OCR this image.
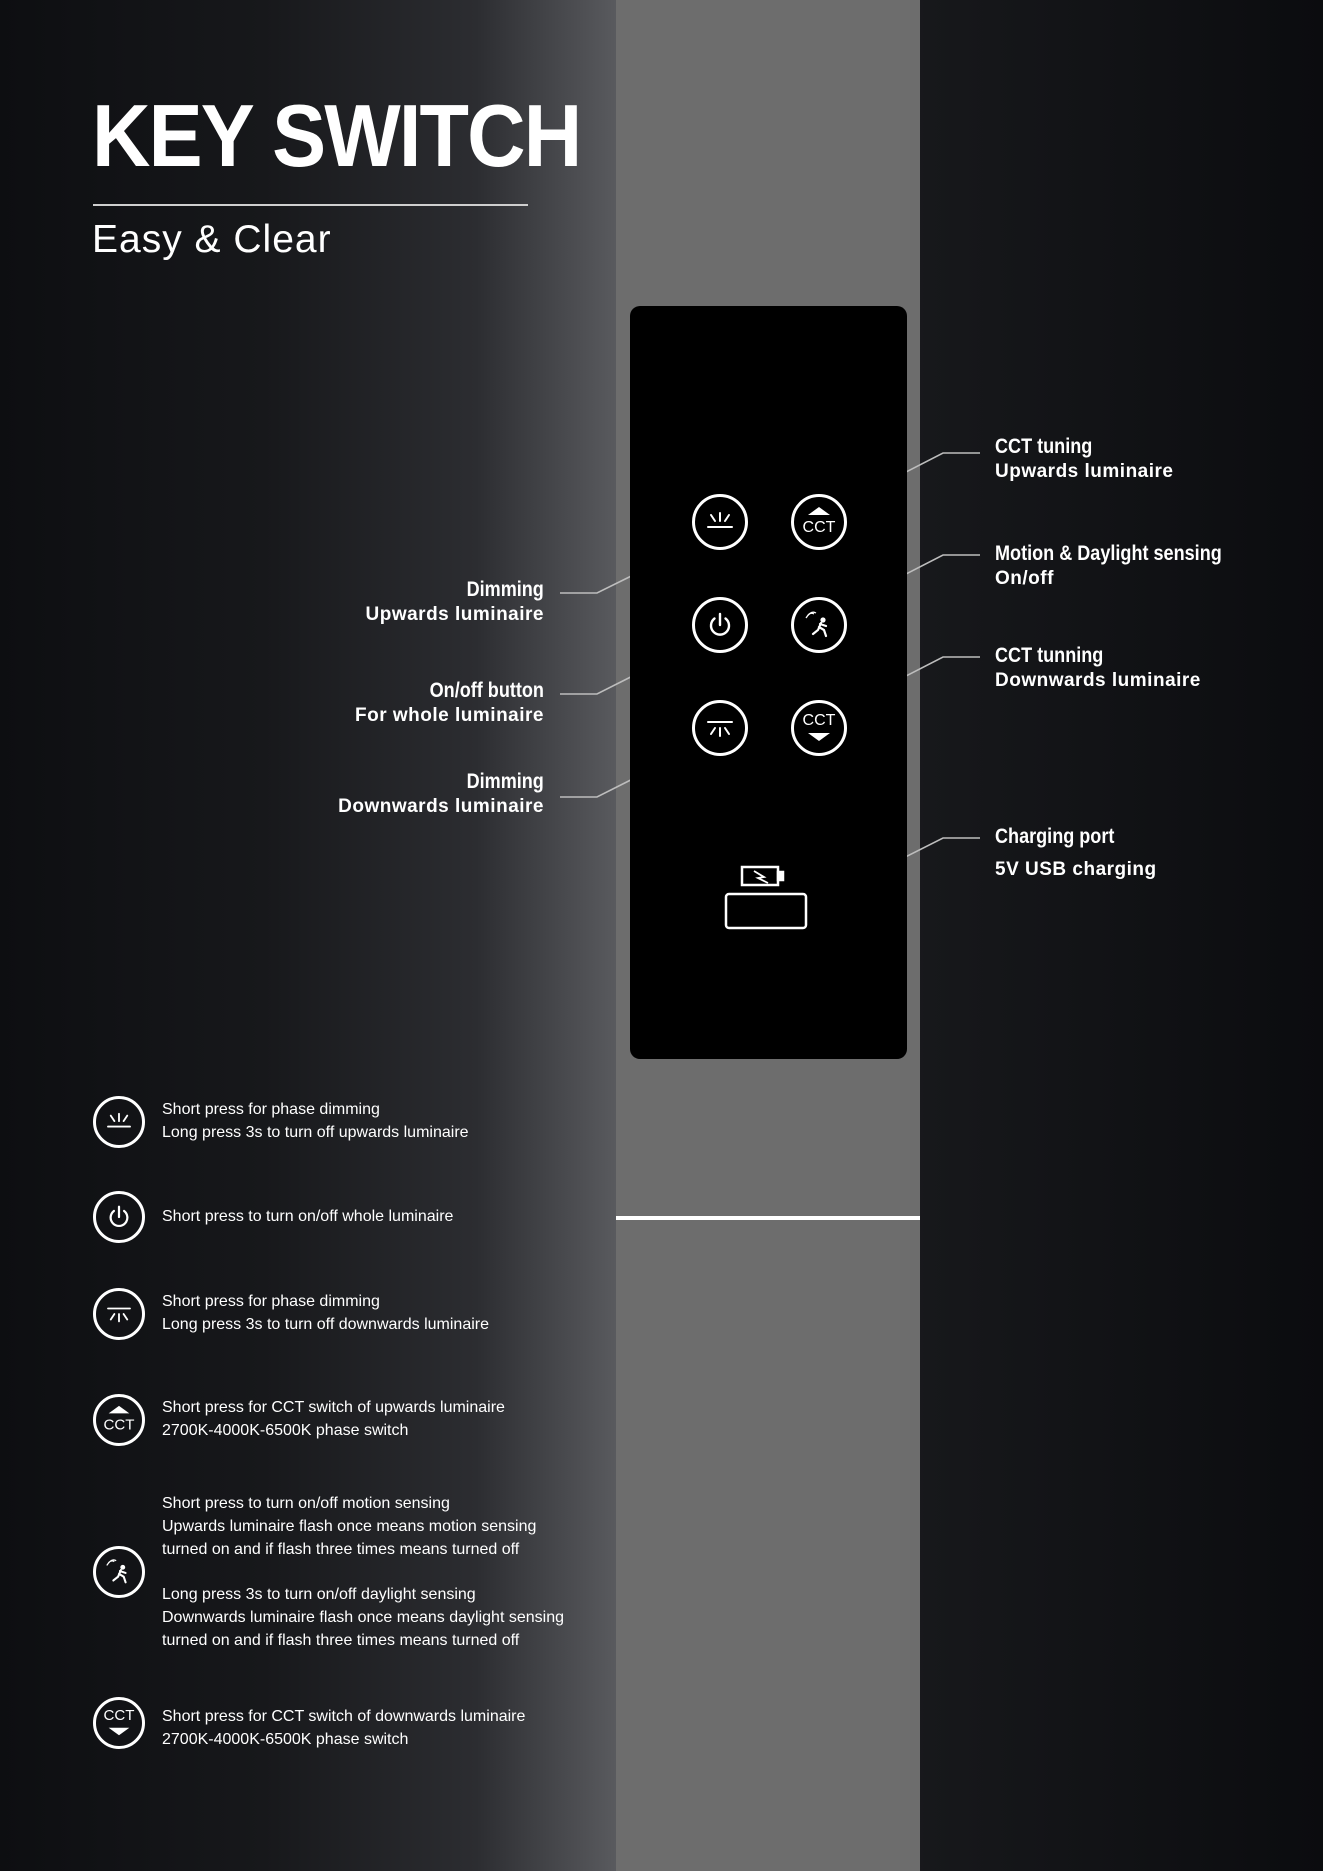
KEY SWITCH
Easy & Clear
CCT
CCT
Dimming
Upwards luminaire
On/off button
For whole luminaire
Dimming
Downwards luminaire
CCT tuning
Upwards luminaire
Motion & Daylight sensing
On/off
CCT tunning
Downwards luminaire
Charging port
5V USB charging
Short press for phase dimming
Long press 3s to turn off upwards luminaire
Short press to turn on/off whole luminaire
Short press for phase dimming
Long press 3s to turn off downwards luminaire
CCT
Short press for CCT switch of upwards luminaire
2700K-4000K-6500K phase switch
Short press to turn on/off motion sensing
Upwards luminaire flash once means motion sensing
turned on and if flash three times means turned off
Long press 3s to turn on/off daylight sensing
Downwards luminaire flash once means daylight sensing
turned on and if flash three times means turned off
CCT Short press for CCT switch of downwards luminaire
2700K-4000K-6500K phase switch
